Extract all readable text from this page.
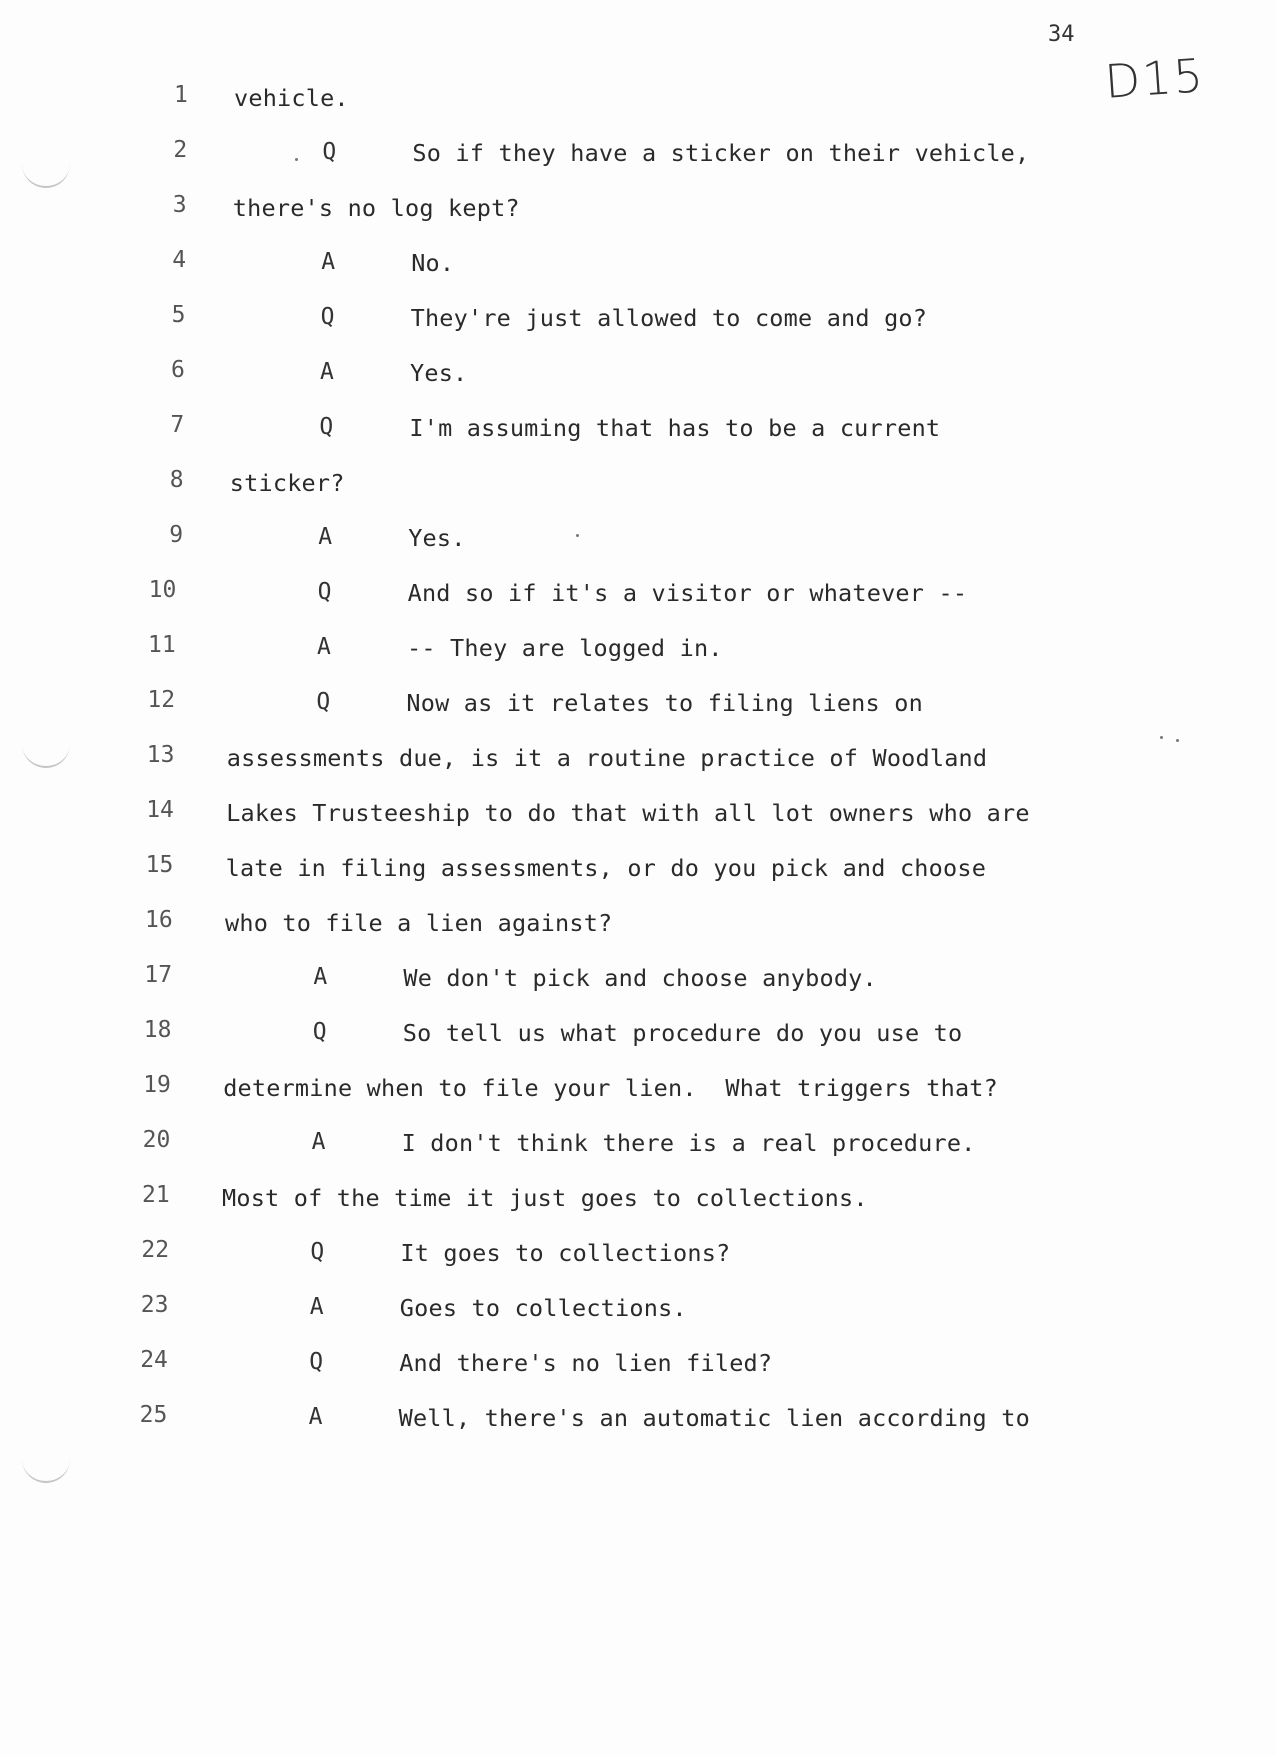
34
D15
1 vehicle.
2	Q	So if they have a sticker on their vehicle,
3 there's no log kept?
4	A	No.
5	Q	They're just allowed to come and go?
6	A	Yes.
7	Q	I'm assuming that has to be a current
8 sticker?
9	A	Yes.
10	Q	And so if it's a visitor or whatever --
11	A	-- They are logged in.
12	Q	Now as it relates to filing liens on
13 assessments due, is it a routine practice of Woodland
14 Lakes Trusteeship to do that with all lot owners who are
15 late in filing assessments, or do you pick and choose
16 who to file a lien against?
17	A	We don't pick and choose anybody.
18	Q	So tell us what procedure do you use to
19 determine when to file your lien.  What triggers that?
20	A	I don't think there is a real procedure.
21 Most of the time it just goes to collections.
22	Q	It goes to collections?
23	A	Goes to collections.
24	Q	And there's no lien filed?
25	A	Well, there's an automatic lien according to
